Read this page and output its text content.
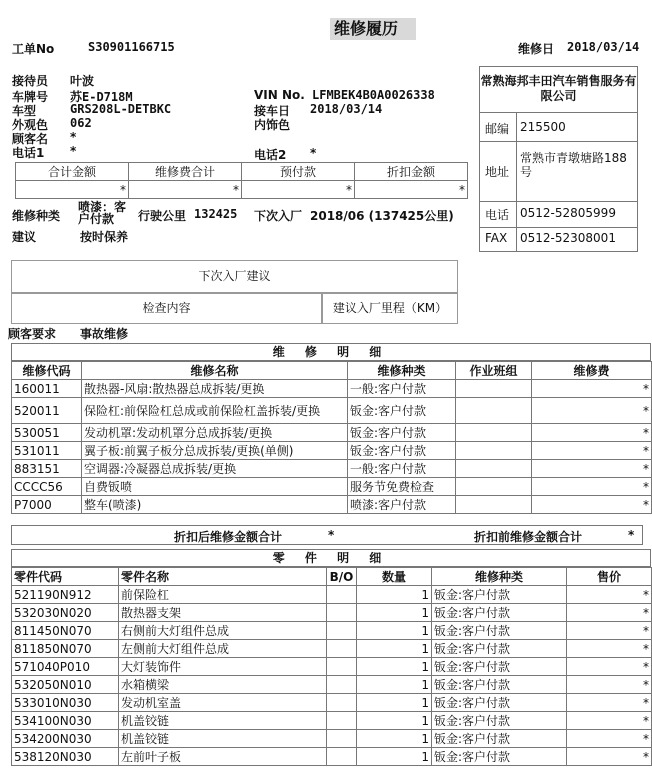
维修履历
工单No	S30901166715	维修日 2018/03/14
接待员 叶波
车牌号 苏E-D718M
车型	GRS208L-DETBKC
外观色 062
顾客名 *
电话1 *
VIN No. LFMBEK4B0A0026338
接车日 2018/03/14
内饰色
电话2 *
常熟海邦丰田汽车销售服务有限公司
邮编 215500
地址
常熟市青墩塘路188号
电话 0512-52805999
FAX 0512-52308001
合计金额	维修费合计	预付款	折扣金额
*	*	*	*
维修种类
喷漆：客户付款	行驶公里 132425 下次入厂 2018/06 (137425公里)
建议	按时保养
下次入厂建议
检查内容	建议入厂里程（KM）
顾客要求 事故维修
维 修 明 细
维修代码	维修名称	维修种类	作业班组	维修费
160011	散热器-风扇:散热器总成拆装/更换	一般:客户付款		*
520011	保险杠:前保险杠总成或前保险杠盖拆装/更换	钣金:客户付款		*
530051	发动机罩:发动机罩分总成拆装/更换	钣金:客户付款		*
531011	翼子板:前翼子板分总成拆装/更换(单侧)	钣金:客户付款		*
883151	空调器:冷凝器总成拆装/更换	一般:客户付款		*
CCCC56	自费钣喷	服务节免费检查		*
P7000	整车(喷漆)	喷漆:客户付款		*
折扣后维修金额合计	*	折扣前维修金额合计	*
零 件 明 细
零件代码	零件名称	B/O	数量	维修种类	售价
521190N912	前保险杠		1	钣金:客户付款	*
532030N020	散热器支架		1	钣金:客户付款	*
811450N070	右侧前大灯组件总成		1	钣金:客户付款	*
811850N070	左侧前大灯组件总成		1	钣金:客户付款	*
571040P010	大灯装饰件		1	钣金:客户付款	*
532050N010	水箱横梁		1	钣金:客户付款	*
533010N030	发动机室盖		1	钣金:客户付款	*
534100N030	机盖铰链		1	钣金:客户付款	*
534200N030	机盖铰链		1	钣金:客户付款	*
538120N030	左前叶子板		1	钣金:客户付款	*
